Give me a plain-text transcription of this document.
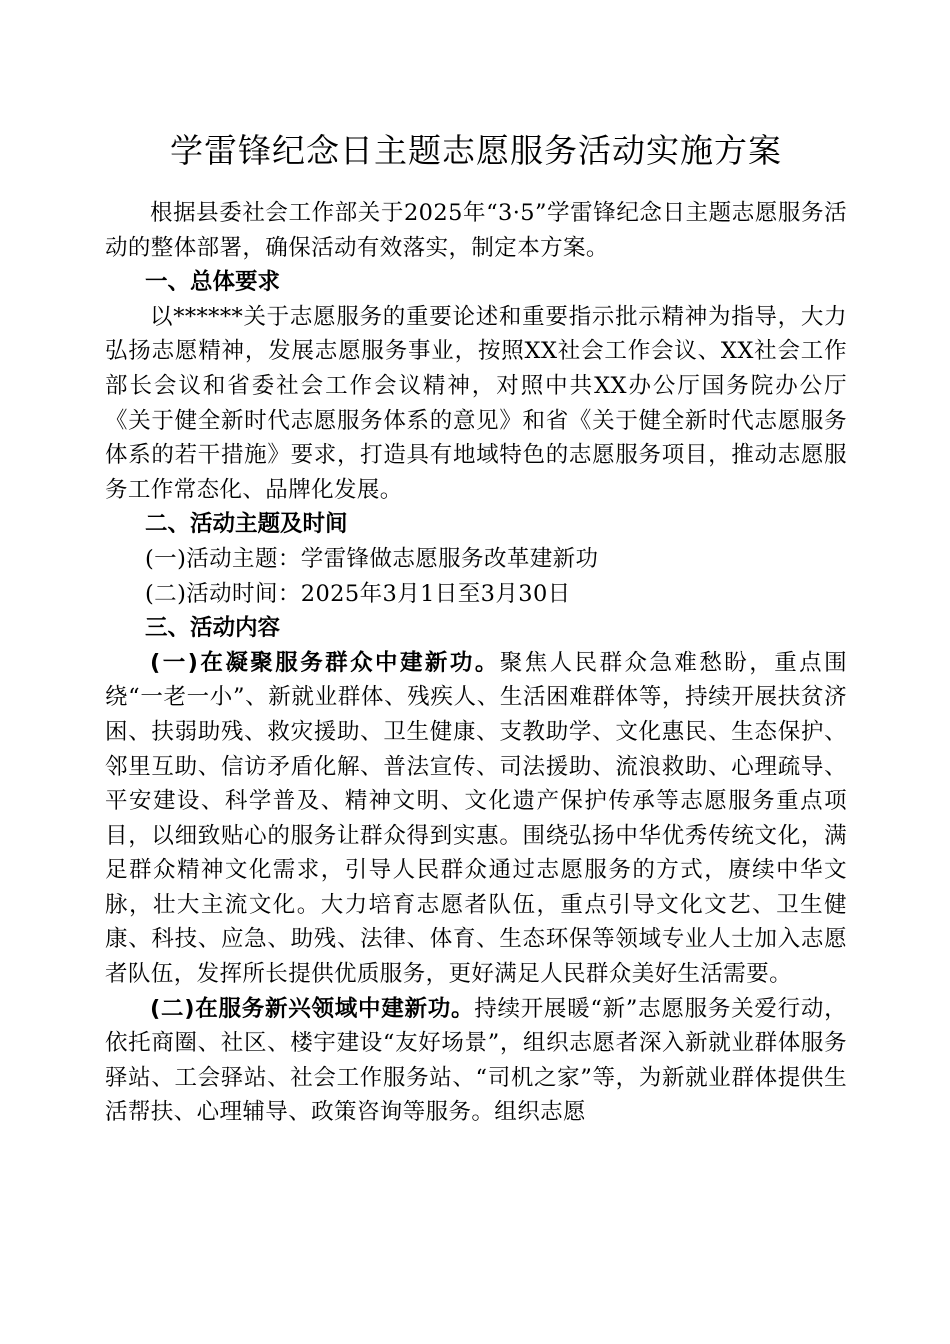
学雷锋纪念日主题志愿服务活动实施方案

根据县委社会工作部关于2025年“3·5”学雷锋纪念日主题志愿服务活动的整体部署，确保活动有效落实，制定本方案。

一、总体要求

以******关于志愿服务的重要论述和重要指示批示精神为指导，大力弘扬志愿精神，发展志愿服务事业，按照XX社会工作会议、XX社会工作部长会议和省委社会工作会议精神，对照中共XX办公厅国务院办公厅《关于健全新时代志愿服务体系的意见》和省《关于健全新时代志愿服务体系的若干措施》要求，打造具有地域特色的志愿服务项目，推动志愿服务工作常态化、品牌化发展。

二、活动主题及时间

(一)活动主题：学雷锋做志愿服务改革建新功

(二)活动时间：2025年3月1日至3月30日

三、活动内容

(一)在凝聚服务群众中建新功。聚焦人民群众急难愁盼，重点围绕“一老一小”、新就业群体、残疾人、生活困难群体等，持续开展扶贫济困、扶弱助残、救灾援助、卫生健康、支教助学、文化惠民、生态保护、邻里互助、信访矛盾化解、普法宣传、司法援助、流浪救助、心理疏导、平安建设、科学普及、精神文明、文化遗产保护传承等志愿服务重点项目，以细致贴心的服务让群众得到实惠。围绕弘扬中华优秀传统文化，满足群众精神文化需求，引导人民群众通过志愿服务的方式，赓续中华文脉，壮大主流文化。大力培育志愿者队伍，重点引导文化文艺、卫生健康、科技、应急、助残、法律、体育、生态环保等领域专业人士加入志愿者队伍，发挥所长提供优质服务，更好满足人民群众美好生活需要。

(二)在服务新兴领域中建新功。持续开展暖“新”志愿服务关爱行动，依托商圈、社区、楼宇建设“友好场景”，组织志愿者深入新就业群体服务驿站、工会驿站、社会工作服务站、“司机之家”等，为新就业群体提供生活帮扶、心理辅导、政策咨询等服务。组织志愿
